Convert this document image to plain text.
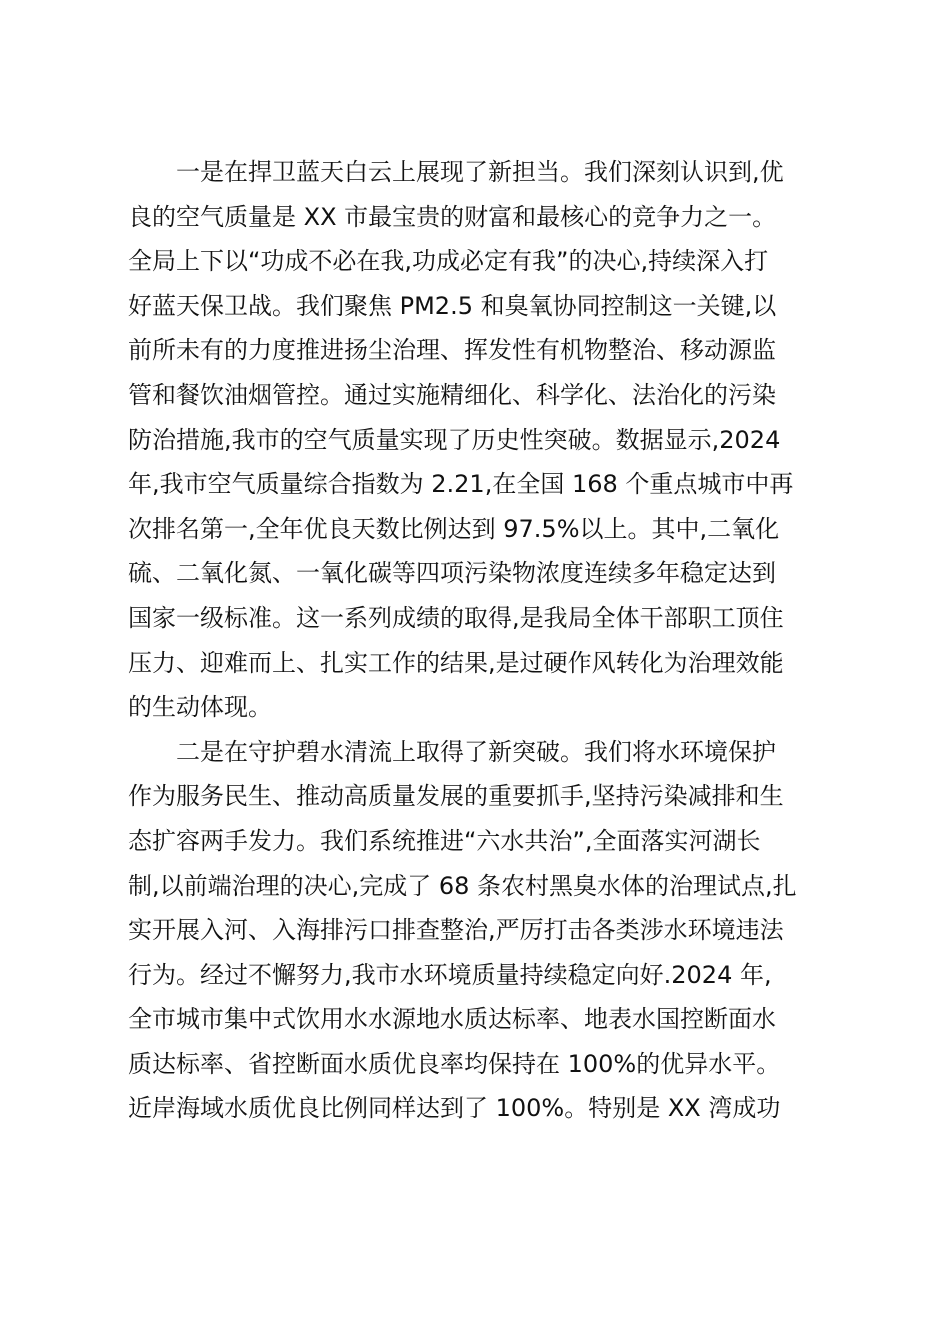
一是在捍卫蓝天白云上展现了新担当。我们深刻认识到,优
良的空气质量是 XX 市最宝贵的财富和最核心的竞争力之一。
全局上下以“功成不必在我,功成必定有我”的决心,持续深入打
好蓝天保卫战。我们聚焦 PM2.5 和臭氧协同控制这一关键,以
前所未有的力度推进扬尘治理、挥发性有机物整治、移动源监
管和餐饮油烟管控。通过实施精细化、科学化、法治化的污染
防治措施,我市的空气质量实现了历史性突破。数据显示,2024
年,我市空气质量综合指数为 2.21,在全国 168 个重点城市中再
次排名第一,全年优良天数比例达到 97.5%以上。其中,二氧化
硫、二氧化氮、一氧化碳等四项污染物浓度连续多年稳定达到
国家一级标准。这一系列成绩的取得,是我局全体干部职工顶住
压力、迎难而上、扎实工作的结果,是过硬作风转化为治理效能
的生动体现。
二是在守护碧水清流上取得了新突破。我们将水环境保护
作为服务民生、推动高质量发展的重要抓手,坚持污染减排和生
态扩容两手发力。我们系统推进“六水共治”,全面落实河湖长
制,以前端治理的决心,完成了 68 条农村黑臭水体的治理试点,扎
实开展入河、入海排污口排查整治,严厉打击各类涉水环境违法
行为。经过不懈努力,我市水环境质量持续稳定向好.2024 年,
全市城市集中式饮用水水源地水质达标率、地表水国控断面水
质达标率、省控断面水质优良率均保持在 100%的优异水平。
近岸海域水质优良比例同样达到了 100%。特别是 XX 湾成功
